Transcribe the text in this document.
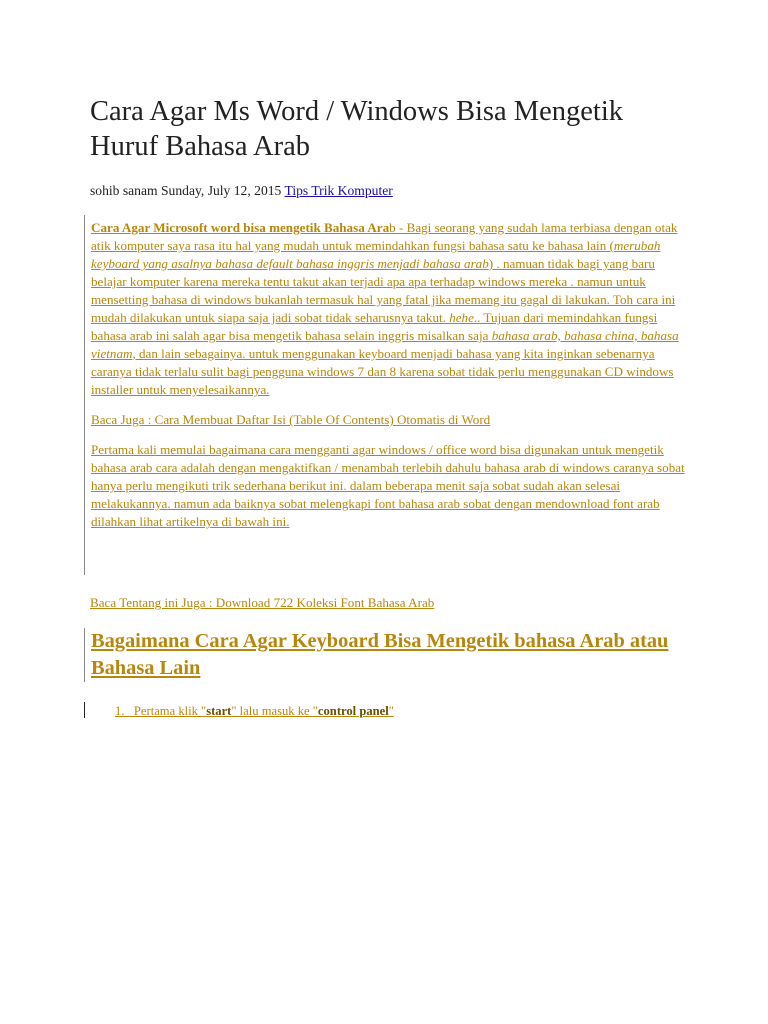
Cara Agar Ms Word / Windows Bisa Mengetik Huruf Bahasa Arab
sohib sanam Sunday, July 12, 2015 Tips Trik Komputer

Cara Agar Microsoft word bisa mengetik Bahasa Arab - Bagi seorang yang sudah lama terbiasa dengan otak atik komputer saya rasa itu hal yang mudah untuk memindahkan fungsi bahasa satu ke bahasa lain (merubah keyboard yang asalnya bahasa default bahasa inggris menjadi bahasa arab) . namuan tidak bagi yang baru belajar komputer karena mereka tentu takut akan terjadi apa apa terhadap windows mereka . namun untuk mensetting bahasa di windows bukanlah termasuk hal yang fatal jika memang itu gagal di lakukan. Toh cara ini mudah dilakukan untuk siapa saja jadi sobat tidak seharusnya takut. hehe.. Tujuan dari memindahkan fungsi bahasa arab ini salah agar bisa mengetik bahasa selain inggris misalkan saja bahasa arab, bahasa china, bahasa vietnam, dan lain sebagainya. untuk menggunakan keyboard menjadi bahasa yang kita inginkan sebenarnya caranya tidak terlalu sulit bagi pengguna windows 7 dan 8 karena sobat tidak perlu menggunakan CD windows installer untuk menyelesaikannya.

Baca Juga : Cara Membuat Daftar Isi (Table Of Contents) Otomatis di Word

Pertama kali memulai bagaimana cara mengganti agar windows / office word bisa digunakan untuk mengetik bahasa arab cara adalah dengan mengaktifkan / menambah terlebih dahulu bahasa arab di windows caranya sobat hanya perlu mengikuti trik sederhana berikut ini. dalam beberapa menit saja sobat sudah akan selesai melakukannya. namun ada baiknya sobat melengkapi font bahasa arab sobat dengan mendownload font arab dilahkan lihat artikelnya di bawah ini.

Baca Tentang ini Juga : Download 722 Koleksi Font Bahasa Arab

Bagaimana Cara Agar Keyboard Bisa Mengetik bahasa Arab atau Bahasa Lain
1. Pertama klik "start" lalu masuk ke "control panel"
